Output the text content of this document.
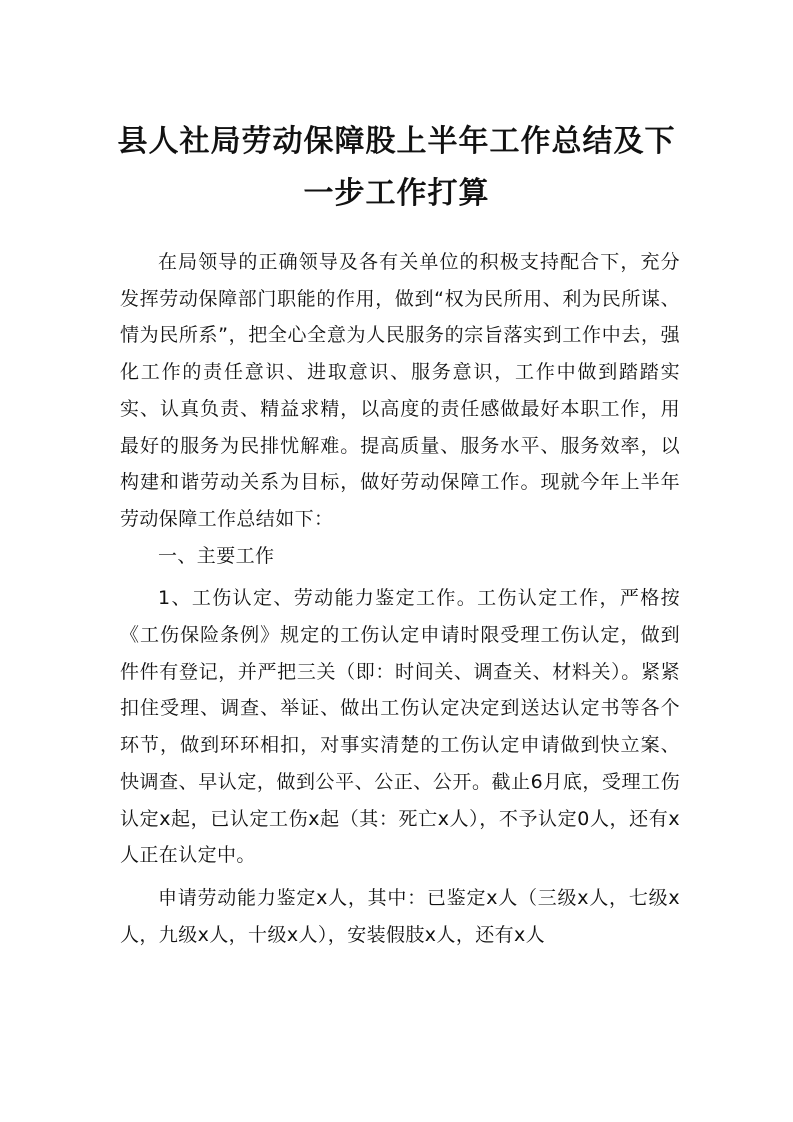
县人社局劳动保障股上半年工作总结及下
一步工作打算

在局领导的正确领导及各有关单位的积极支持配合下，充分发挥劳动保障部门职能的作用，做到“权为民所用、利为民所谋、情为民所系”，把全心全意为人民服务的宗旨落实到工作中去，强化工作的责任意识、进取意识、服务意识，工作中做到踏踏实实、认真负责、精益求精，以高度的责任感做最好本职工作，用最好的服务为民排忧解难。提高质量、服务水平、服务效率，以构建和谐劳动关系为目标，做好劳动保障工作。现就今年上半年劳动保障工作总结如下：

一、主要工作

1、工伤认定、劳动能力鉴定工作。工伤认定工作，严格按《工伤保险条例》规定的工伤认定申请时限受理工伤认定，做到件件有登记，并严把三关（即：时间关、调查关、材料关）。紧紧扣住受理、调查、举证、做出工伤认定决定到送达认定书等各个环节，做到环环相扣，对事实清楚的工伤认定申请做到快立案、快调查、早认定，做到公平、公正、公开。截止6月底，受理工伤认定x起，已认定工伤x起（其：死亡x人），不予认定0人，还有x人正在认定中。

申请劳动能力鉴定x人，其中：已鉴定x人（三级x人，七级x人，九级x人，十级x人），安装假肢x人，还有x人
